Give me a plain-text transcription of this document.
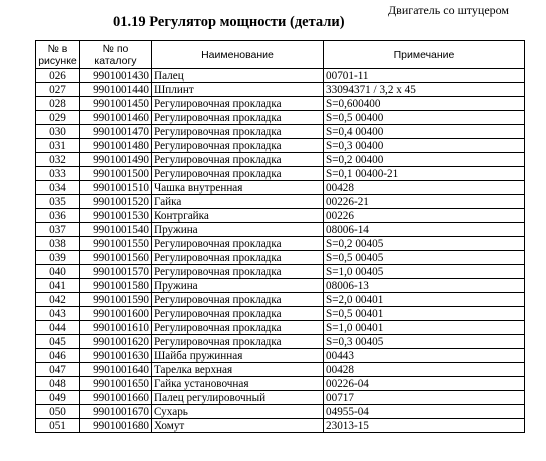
Двигатель со штуцером
01.19 Регулятор мощности (детали)
№ в рисунке	№ по каталогу	Наименование	Примечание
026	9901001430	Палец	00701-11
027	9901001440	Шплинт	33094371 / 3,2 x 45
028	9901001450	Регулировочная прокладка	S=0,600400
029	9901001460	Регулировочная прокладка	S=0,5 00400
030	9901001470	Регулировочная прокладка	S=0,4 00400
031	9901001480	Регулировочная прокладка	S=0,3 00400
032	9901001490	Регулировочная прокладка	S=0,2 00400
033	9901001500	Регулировочная прокладка	S=0,1 00400-21
034	9901001510	Чашка внутренная	00428
035	9901001520	Гайка	00226-21
036	9901001530	Контргайка	00226
037	9901001540	Пружина	08006-14
038	9901001550	Регулировочная прокладка	S=0,2 00405
039	9901001560	Регулировочная прокладка	S=0,5 00405
040	9901001570	Регулировочная прокладка	S=1,0 00405
041	9901001580	Пружина	08006-13
042	9901001590	Регулировочная прокладка	S=2,0 00401
043	9901001600	Регулировочная прокладка	S=0,5 00401
044	9901001610	Регулировочная прокладка	S=1,0 00401
045	9901001620	Регулировочная прокладка	S=0,3 00405
046	9901001630	Шайба пружинная	00443
047	9901001640	Тарелка верхная	00428
048	9901001650	Гайка установочная	00226-04
049	9901001660	Палец регулировочный	00717
050	9901001670	Сухарь	04955-04
051	9901001680	Хомут	23013-15
